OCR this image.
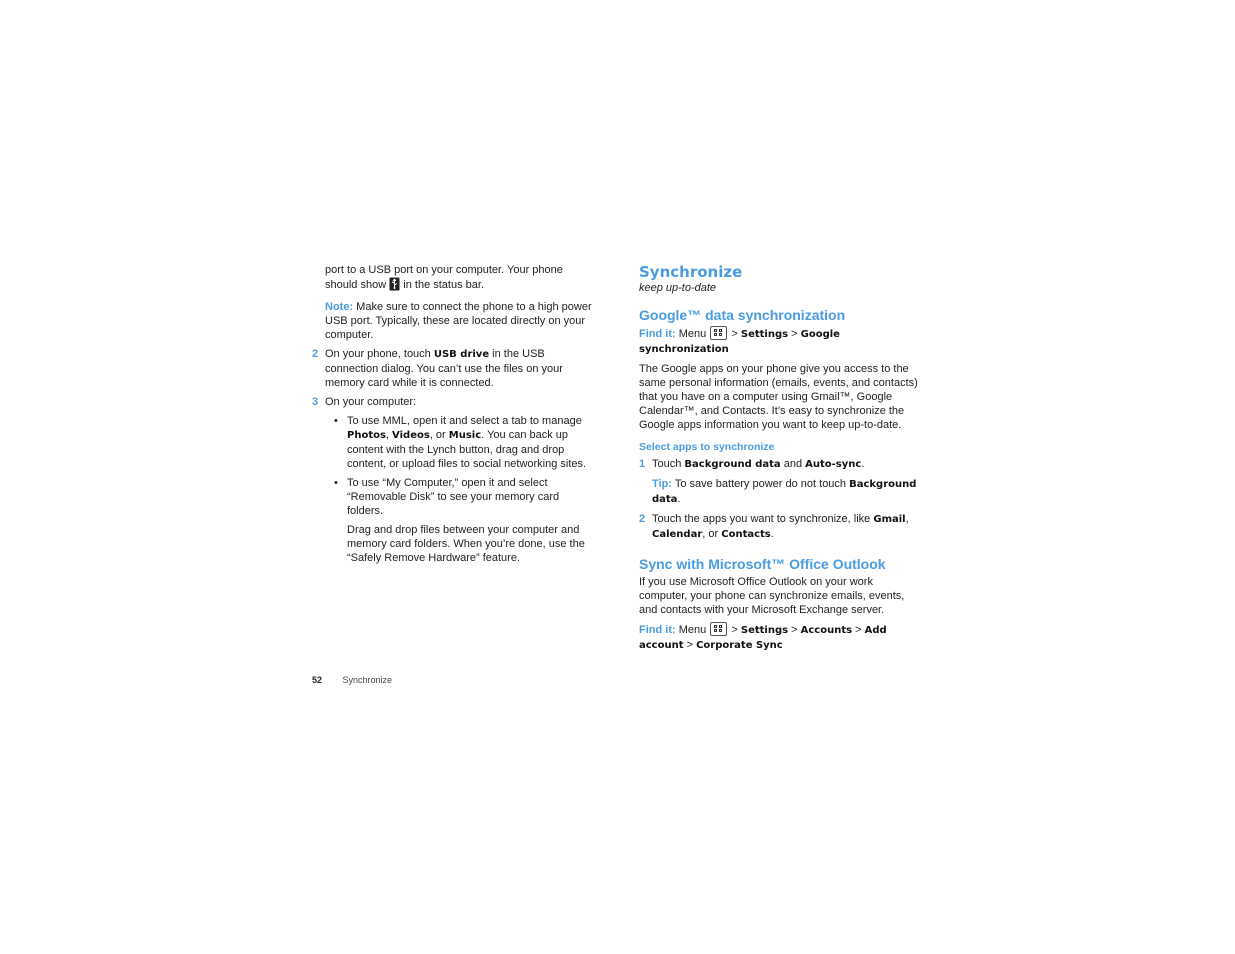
port to a USB port on your computer. Your phone
should show in the status bar.

Note: Make sure to connect the phone to a high power USB port. Typically, these are located directly on your computer.

2 On your phone, touch USB drive in the USB connection dialog. You can’t use the files on your memory card while it is connected.
3 On your computer:
• To use MML, open it and select a tab to manage Photos, Videos, or Music. You can back up content with the Lynch button, drag and drop content, or upload files to social networking sites.
• To use “My Computer,” open it and select “Removable Disk” to see your memory card folders.

Drag and drop files between your computer and memory card folders. When you’re done, use the “Safely Remove Hardware” feature.

Synchronize

keep up-to-date

Google™ data synchronization

Find it: Menu > Settings > Google
synchronization

The Google apps on your phone give you access to the same personal information (emails, events, and contacts) that you have on a computer using Gmail™, Google Calendar™, and Contacts. It’s easy to synchronize the Google apps information you want to keep up-to-date.

Select apps to synchronize
1 Touch Background data and Auto-sync.

Tip: To save battery power do not touch Background data.

2 Touch the apps you want to synchronize, like Gmail, Calendar, or Contacts.
Sync with Microsoft™ Office Outlook

If you use Microsoft Office Outlook on your work computer, your phone can synchronize emails, events, and contacts with your Microsoft Exchange server.

Find it: Menu > Settings > Accounts > Add account > Corporate Sync

52 Synchronize
